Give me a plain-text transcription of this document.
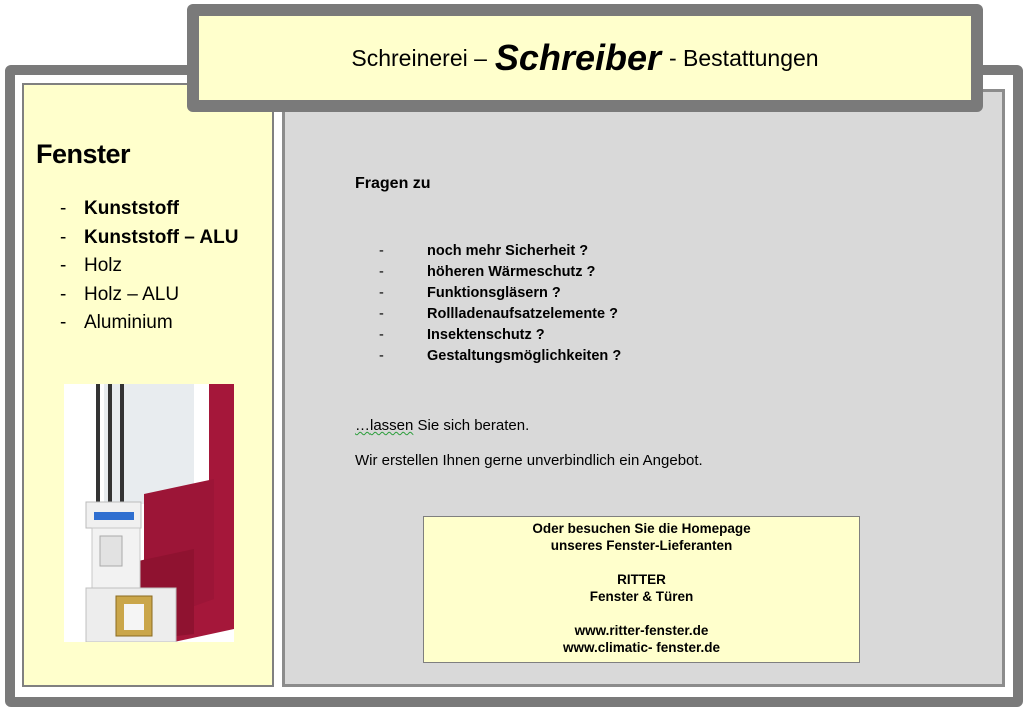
Fenster
- Kunststoff
- Kunststoff – ALU
- Holz
- Holz – ALU
- Aluminium
Fragen zu
-	noch mehr Sicherheit ?
-	höheren Wärmeschutz ?
-	Funktionsgläsern ?
-	Rollladenaufsatzelemente ?
-	Insektenschutz ?
-	Gestaltungsmöglichkeiten ?
…lassen Sie sich beraten.
Wir erstellen Ihnen gerne unverbindlich ein Angebot.
Oder besuchen Sie die Homepage
unseres Fenster-Lieferanten
RITTER
Fenster & Türen
www.ritter-fenster.de
www.climatic- fenster.de
Schreinerei – Schreiber - Bestattungen
